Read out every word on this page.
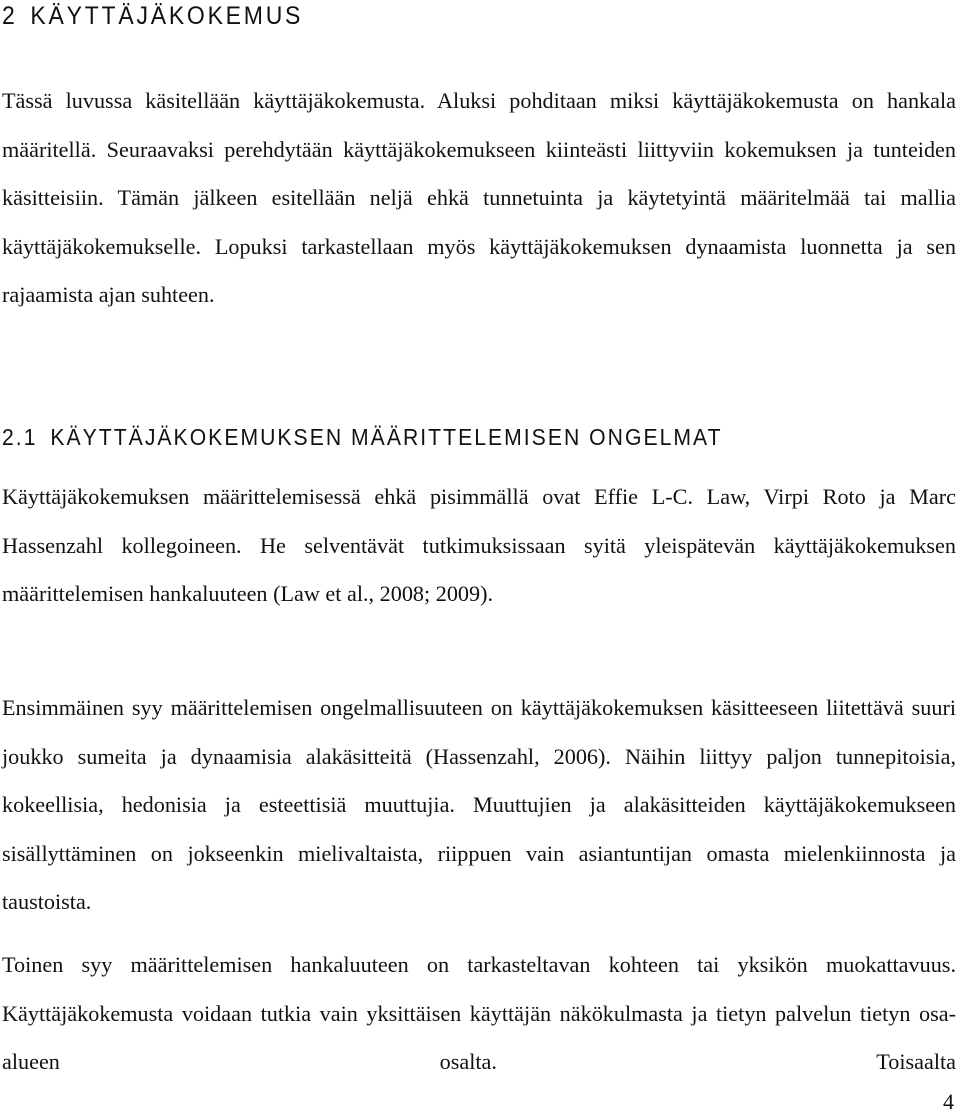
2 KÄYTTÄJÄKOKEMUS

Tässä luvussa käsitellään käyttäjäkokemusta. Aluksi pohditaan miksi käyttäjäkokemusta on hankala määritellä. Seuraavaksi perehdytään käyttäjäkokemukseen kiinteästi liittyviin kokemuksen ja tunteiden käsitteisiin. Tämän jälkeen esitellään neljä ehkä tunnetuinta ja käytetyintä määritelmää tai mallia käyttäjäkokemukselle. Lopuksi tarkastellaan myös käyttäjäkokemuksen dynaamista luonnetta ja sen rajaamista ajan suhteen.

2.1 KÄYTTÄJÄKOKEMUKSEN MÄÄRITTELEMISEN ONGELMAT

Käyttäjäkokemuksen määrittelemisessä ehkä pisimmällä ovat Effie L-C. Law, Virpi Roto ja Marc Hassenzahl kollegoineen. He selventävät tutkimuksissaan syitä yleispätevän käyttäjäkokemuksen määrittelemisen hankaluuteen (Law et al., 2008; 2009).

Ensimmäinen syy määrittelemisen ongelmallisuuteen on käyttäjäkokemuksen käsitteeseen liitettävä suuri joukko sumeita ja dynaamisia alakäsitteitä (Hassenzahl, 2006). Näihin liittyy paljon tunnepitoisia, kokeellisia, hedonisia ja esteettisiä muuttujia. Muuttujien ja alakäsitteiden käyttäjäkokemukseen sisällyttäminen on jokseenkin mielivaltaista, riippuen vain asiantuntijan omasta mielenkiinnosta ja taustoista.

Toinen syy määrittelemisen hankaluuteen on tarkasteltavan kohteen tai yksikön muokattavuus. Käyttäjäkokemusta voidaan tutkia vain yksittäisen käyttäjän näkökulmasta ja tietyn palvelun tietyn osa-alueen osalta. Toisaalta

4
